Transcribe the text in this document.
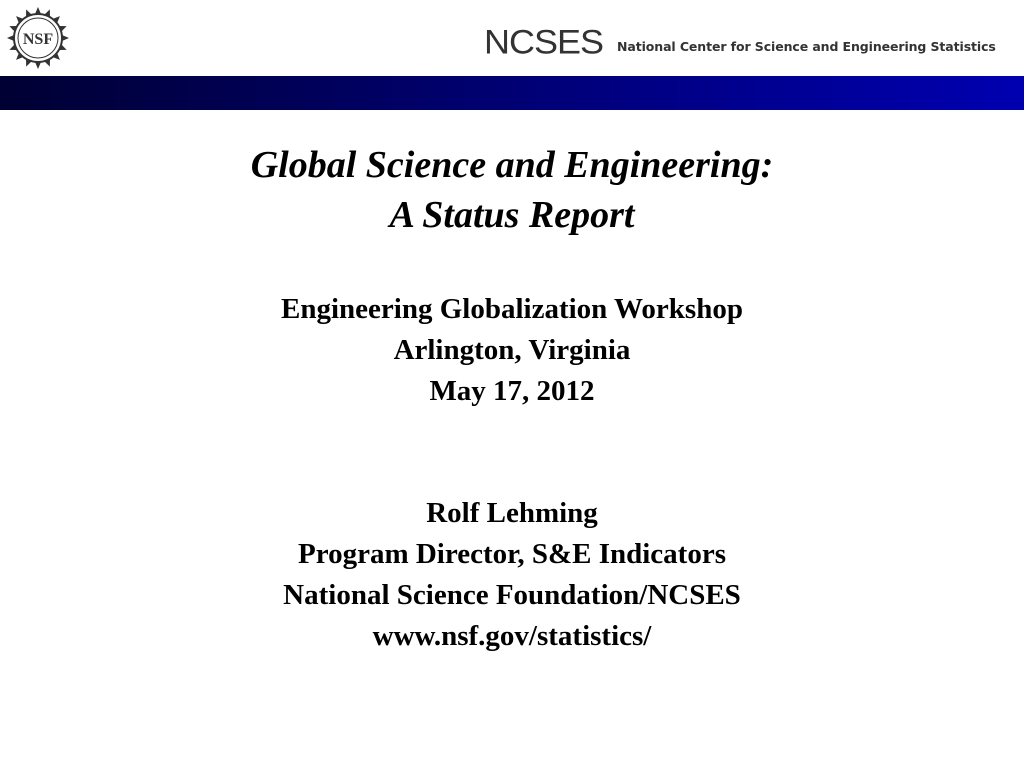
NSF	NCSES National Center for Science and Engineering Statistics
Global Science and Engineering:
A Status Report
Engineering Globalization Workshop
Arlington, Virginia
May 17, 2012
Rolf Lehming
Program Director, S&E Indicators
National Science Foundation/NCSES
www.nsf.gov/statistics/
